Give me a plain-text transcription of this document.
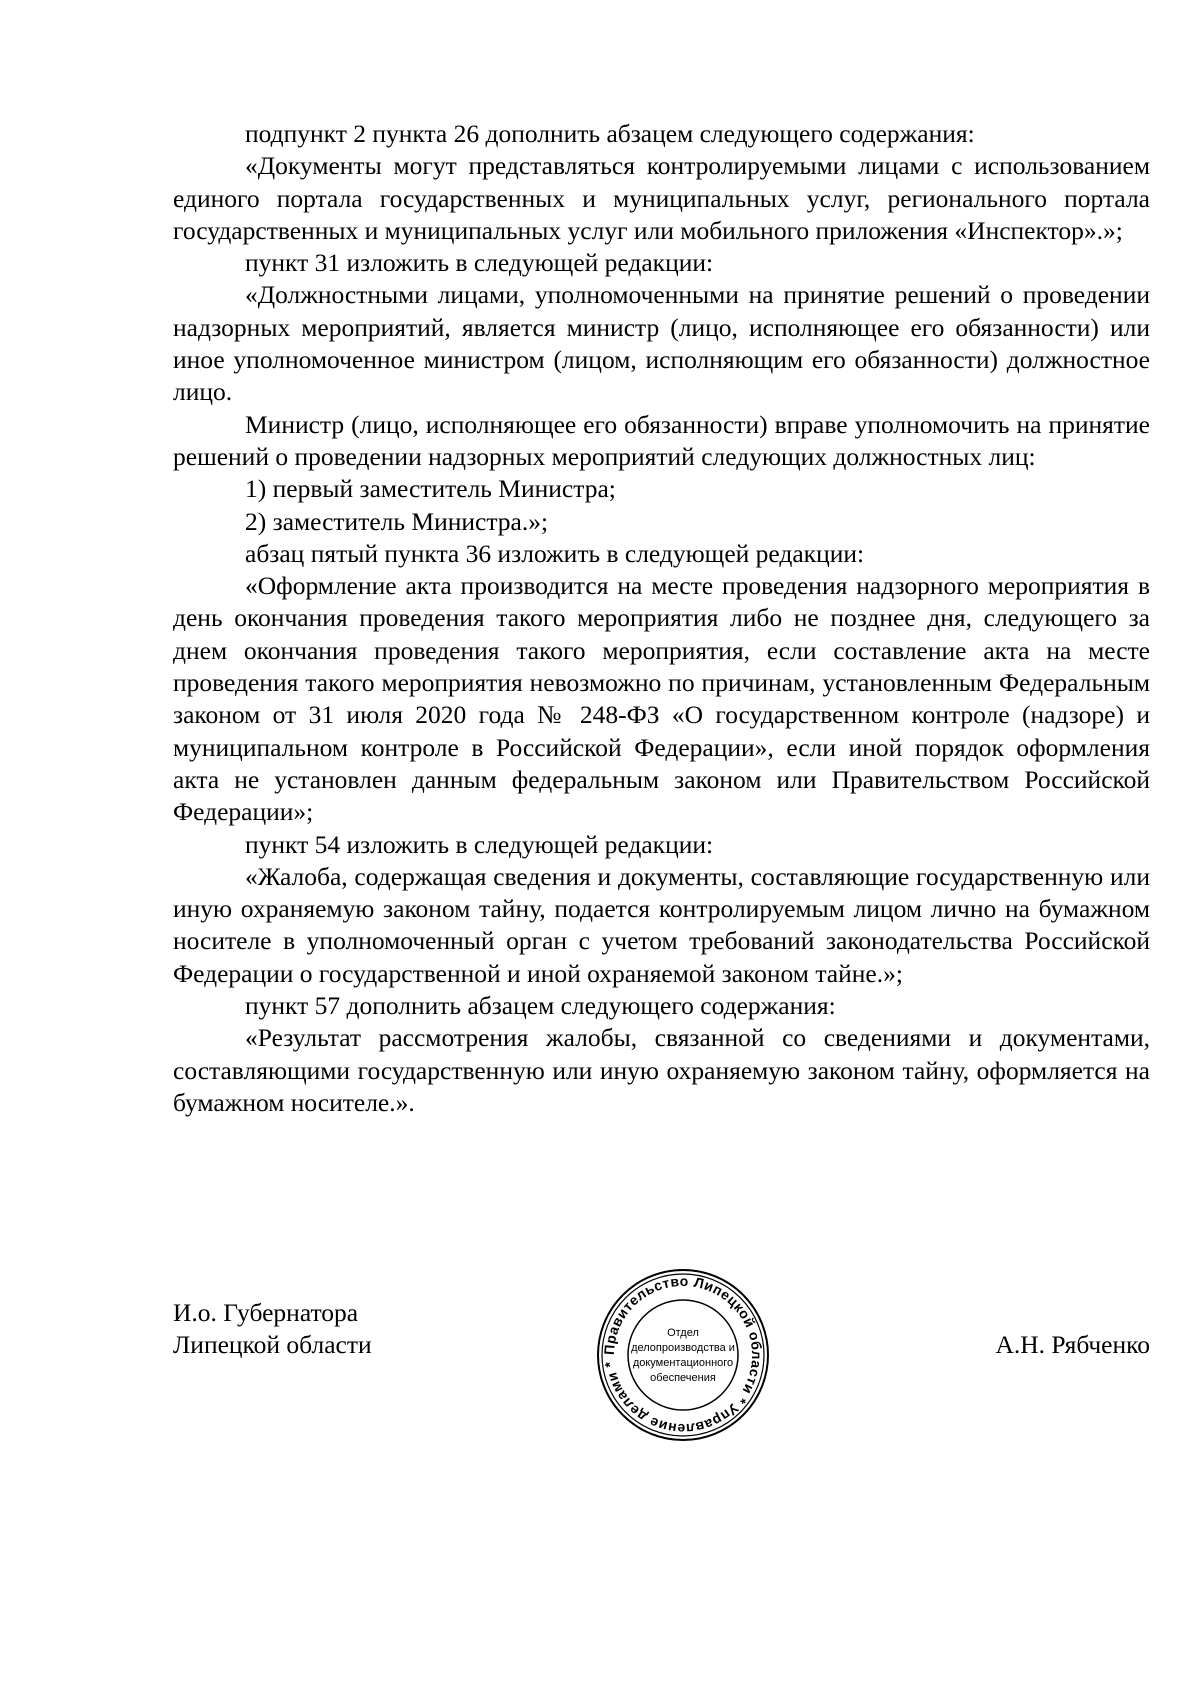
подпункт 2 пункта 26 дополнить абзацем следующего содержания:

«Документы могут представляться контролируемыми лицами с использованием единого портала государственных и муниципальных услуг, регионального портала государственных и муниципальных услуг или мобильного приложения «Инспектор».»;

пункт 31 изложить в следующей редакции:

«Должностными лицами, уполномоченными на принятие решений о проведении надзорных мероприятий, является министр (лицо, исполняющее его обязанности) или иное уполномоченное министром (лицом, исполняющим его обязанности) должностное лицо.

Министр (лицо, исполняющее его обязанности) вправе уполномочить на принятие решений о проведении надзорных мероприятий следующих должностных лиц:

1) первый заместитель Министра;

2) заместитель Министра.»;

абзац пятый пункта 36 изложить в следующей редакции:

«Оформление акта производится на месте проведения надзорного мероприятия в день окончания проведения такого мероприятия либо не позднее дня, следующего за днем окончания проведения такого мероприятия, если составление акта на месте проведения такого мероприятия невозможно по причинам, установленным Федеральным законом от 31 июля 2020 года № 248-ФЗ «О государственном контроле (надзоре) и муниципальном контроле в Российской Федерации», если иной порядок оформления акта не установлен данным федеральным законом или Правительством Российской Федерации»;

пункт 54 изложить в следующей редакции:

«Жалоба, содержащая сведения и документы, составляющие государственную или иную охраняемую законом тайну, подается контролируемым лицом лично на бумажном носителе в уполномоченный орган с учетом требований законодательства Российской Федерации о государственной и иной охраняемой законом тайне.»;

пункт 57 дополнить абзацем следующего содержания:

«Результат рассмотрения жалобы, связанной со сведениями и документами, составляющими государственную или иную охраняемую законом тайну, оформляется на бумажном носителе.».

И.о. Губернатора
Липецкой области	А.Н. Рябченко
Правительство Липецкой области * Управление делами *
Отдел
делопроизводства и
документационного
обеспечения
